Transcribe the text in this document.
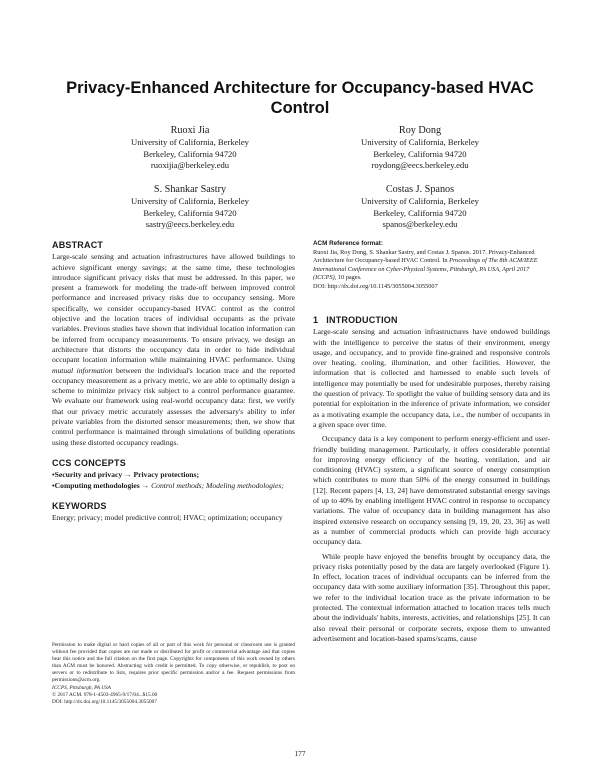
Privacy-Enhanced Architecture for Occupancy-based HVAC Control
Ruoxi Jia
University of California, Berkeley
Berkeley, California 94720
ruoxijia@berkeley.edu
Roy Dong
University of California, Berkeley
Berkeley, California 94720
roydong@eecs.berkeley.edu
S. Shankar Sastry
University of California, Berkeley
Berkeley, California 94720
sastry@eecs.berkeley.edu
Costas J. Spanos
University of California, Berkeley
Berkeley, California 94720
spanos@berkeley.edu
ABSTRACT

Large-scale sensing and actuation infrastructures have allowed buildings to achieve significant energy savings; at the same time, these technologies introduce significant privacy risks that must be addressed. In this paper, we present a framework for modeling the trade-off between improved control performance and increased privacy risks due to occupancy sensing. More specifically, we consider occupancy-based HVAC control as the control objective and the location traces of individual occupants as the private variables. Previous studies have shown that individual location information can be inferred from occupancy measurements. To ensure privacy, we design an architecture that distorts the occupancy data in order to hide individual occupant location information while maintaining HVAC performance. Using mutual information between the individual's location trace and the reported occupancy measurement as a privacy metric, we are able to optimally design a scheme to minimize privacy risk subject to a control performance guarantee. We evaluate our framework using real-world occupancy data: first, we verify that our privacy metric accurately assesses the adversary's ability to infer private variables from the distorted sensor measurements; then, we show that control performance is maintained through simulations of building operations using these distorted occupancy readings.

CCS CONCEPTS

•Security and privacy → Privacy protections;
•Computing methodologies → Control methods; Modeling methodologies;

KEYWORDS

Energy; privacy; model predictive control; HVAC; optimization; occupancy

Permission to make digital or hard copies of all or part of this work for personal or classroom use is granted without fee provided that copies are not made or distributed for profit or commercial advantage and that copies bear this notice and the full citation on the first page. Copyrights for components of this work owned by others than ACM must be honored. Abstracting with credit is permitted. To copy otherwise, or republish, to post on servers or to redistribute to lists, requires prior specific permission and/or a fee. Request permissions from permissions@acm.org.
ICCPS, Pittsburgh, PA USA
© 2017 ACM. 978-1-4503-4965-9/17/04...$15.00
DOI: http://dx.doi.org/10.1145/3055004.3055007
ACM Reference format:
Ruoxi Jia, Roy Dong, S. Shankar Sastry, and Costas J. Spanos. 2017. Privacy-Enhanced Architecture for Occupancy-based HVAC Control. In Proceedings of The 8th ACM/IEEE International Conference on Cyber-Physical Systems, Pittsburgh, PA USA, April 2017 (ICCPS), 10 pages.
DOI: http://dx.doi.org/10.1145/3055004.3055007
1   INTRODUCTION

Large-scale sensing and actuation infrastructures have endowed buildings with the intelligence to perceive the status of their environment, energy usage, and occupancy, and to provide fine-grained and responsive controls over heating, cooling, illumination, and other facilities. However, the information that is collected and harnessed to enable such levels of intelligence may potentially be used for undesirable purposes, thereby raising the question of privacy. To spotlight the value of building sensory data and its potential for exploitation in the inference of private information, we consider as a motivating example the occupancy data, i.e., the number of occupants in a given space over time.

Occupancy data is a key component to perform energy-efficient and user-friendly building management. Particularly, it offers considerable potential for improving energy efficiency of the heating, ventilation, and air conditioning (HVAC) system, a significant source of energy consumption which contributes to more than 50% of the energy consumed in buildings [12]. Recent papers [4, 13, 24] have demonstrated substantial energy savings of up to 40% by enabling intelligent HVAC control in response to occupancy variations. The value of occupancy data in building management has also inspired extensive research on occupancy sensing [9, 19, 20, 23, 36] as well as a number of commercial products which can provide high accuracy occupancy data.

While people have enjoyed the benefits brought by occupancy data, the privacy risks potentially posed by the data are largely overlooked (Figure 1). In effect, location traces of individual occupants can be inferred from the occupancy data with some auxiliary information [35]. Throughout this paper, we refer to the individual location trace as the private information to be protected. The contextual information attached to location traces tells much about the individuals' habits, interests, activities, and relationships [25]. It can also reveal their personal or corporate secrets, expose them to unwanted advertisement and location-based spams/scams, cause

177
